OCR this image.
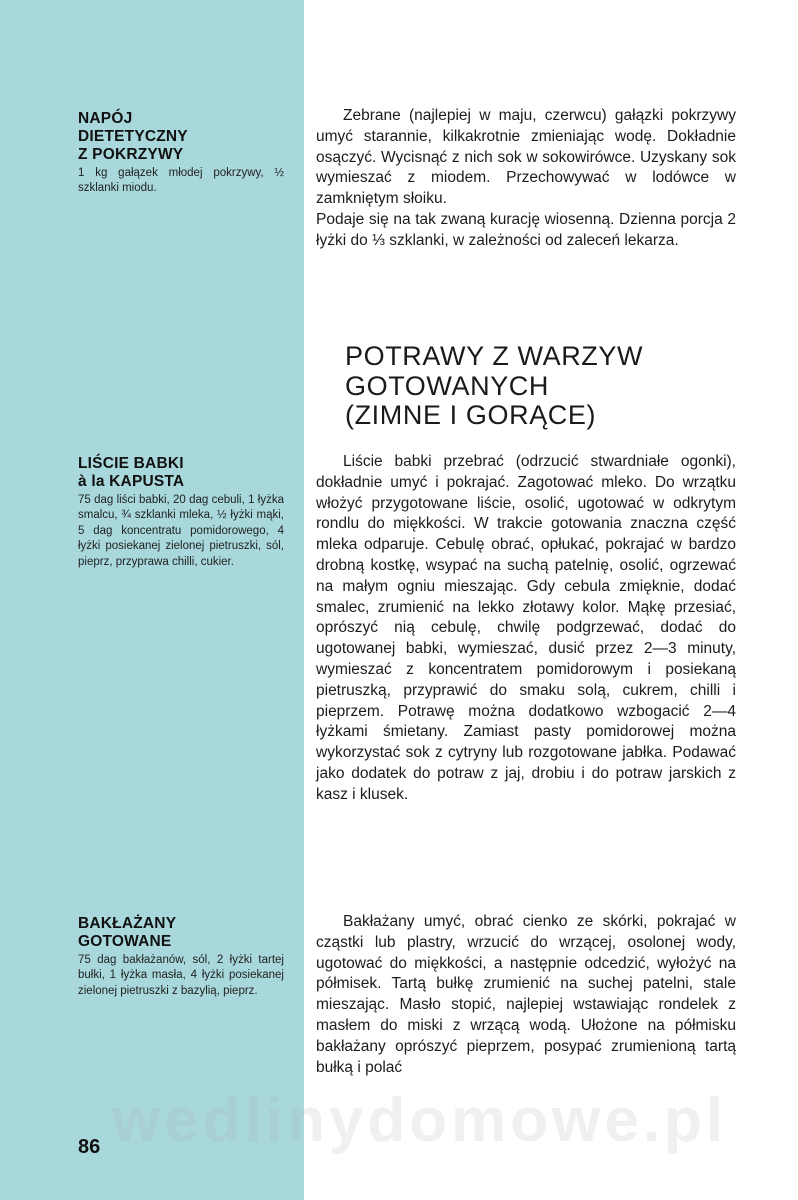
NAPÓJ
DIETETYCZNY
Z POKRZYWY
1 kg gałązek młodej pokrzywy, ½ szklanki miodu.

Zebrane (najlepiej w maju, czerwcu) gałązki pokrzywy umyć starannie, kilkakrotnie zmieniając wodę. Dokładnie osączyć. Wycisnąć z nich sok w sokowirówce. Uzyskany sok wymieszać z miodem. Przechowywać w lodówce w zamkniętym słoiku.

Podaje się na tak zwaną kurację wiosenną. Dzienna porcja 2 łyżki do ⅓ szklanki, w zależności od zaleceń lekarza.

POTRAWY Z WARZYW
GOTOWANYCH
(ZIMNE I GORĄCE)
LIŚCIE BABKI
à la KAPUSTA
75 dag liści babki, 20 dag cebuli, 1 łyżka smalcu, ¾ szklanki mleka, ½ łyżki mąki, 5 dag koncentratu pomidorowego, 4 łyżki posiekanej zielonej pietruszki, sól, pieprz, przyprawa chilli, cukier.

Liście babki przebrać (odrzucić stwardniałe ogonki), dokładnie umyć i pokrajać. Zagotować mleko. Do wrzątku włożyć przygotowane liście, osolić, ugotować w odkrytym rondlu do miękkości. W trakcie gotowania znaczna część mleka odparuje. Cebulę obrać, opłukać, pokrajać w bardzo drobną kostkę, wsypać na suchą patelnię, osolić, ogrzewać na małym ogniu mieszając. Gdy cebula zmięknie, dodać smalec, zrumienić na lekko złotawy kolor. Mąkę przesiać, oprószyć nią cebulę, chwilę podgrzewać, dodać do ugotowanej babki, wymieszać, dusić przez 2—3 minuty, wymieszać z koncentratem pomidorowym i posiekaną pietruszką, przyprawić do smaku solą, cukrem, chilli i pieprzem. Potrawę można dodatkowo wzbogacić 2—4 łyżkami śmietany. Zamiast pasty pomidorowej można wykorzystać sok z cytryny lub rozgotowane jabłka. Podawać jako dodatek do potraw z jaj, drobiu i do potraw jarskich z kasz i klusek.

BAKŁAŻANY
GOTOWANE
75 dag bakłażanów, sól, 2 łyżki tartej bułki, 1 łyżka masła, 4 łyżki posiekanej zielonej pietruszki z bazylią, pieprz.

Bakłażany umyć, obrać cienko ze skórki, pokrajać w cząstki lub plastry, wrzucić do wrzącej, osolonej wody, ugotować do miękkości, a następnie odcedzić, wyłożyć na półmisek. Tartą bułkę zrumienić na suchej patelni, stale mieszając. Masło stopić, najlepiej wstawiając rondelek z masłem do miski z wrzącą wodą. Ułożone na półmisku bakłażany oprószyć pieprzem, posypać zrumienioną tartą bułką i polać

wedlinydomowe.pl
86
